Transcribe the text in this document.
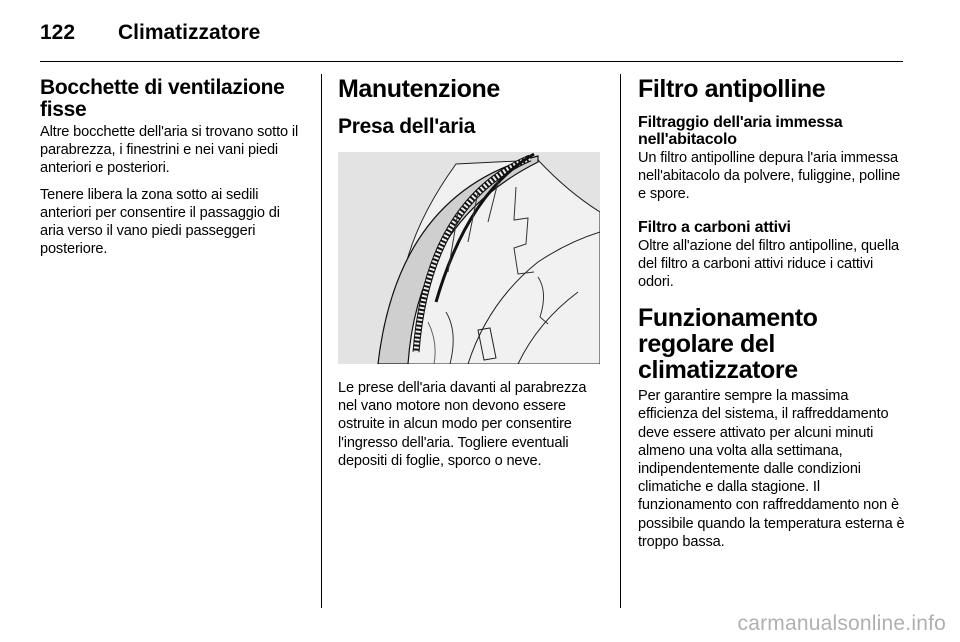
122 Climatizzatore
Bocchette di ventilazione fisse

Altre bocchette dell'aria si trovano sotto il parabrezza, i finestrini e nei vani piedi anteriori e posteriori.

Tenere libera la zona sotto ai sedili anteriori per consentire il passaggio di aria verso il vano piedi passeggeri posteriore.

Manutenzione
Presa dell'aria

Le prese dell'aria davanti al parabrezza nel vano motore non devono essere ostruite in alcun modo per consentire l'ingresso dell'aria. Togliere eventuali depositi di foglie, sporco o neve.

Filtro antipolline
Filtraggio dell'aria immessa nell'abitacolo

Un filtro antipolline depura l'aria immessa nell'abitacolo da polvere, fuliggine, polline e spore.

Filtro a carboni attivi

Oltre all'azione del filtro antipolline, quella del filtro a carboni attivi riduce i cattivi odori.

Funzionamento regolare del climatizzatore

Per garantire sempre la massima efficienza del sistema, il raffreddamento deve essere attivato per alcuni minuti almeno una volta alla settimana, indipendentemente dalle condizioni climatiche e dalla stagione. Il funzionamento con raffreddamento non è possibile quando la temperatura esterna è troppo bassa.

carmanualsonline.info
